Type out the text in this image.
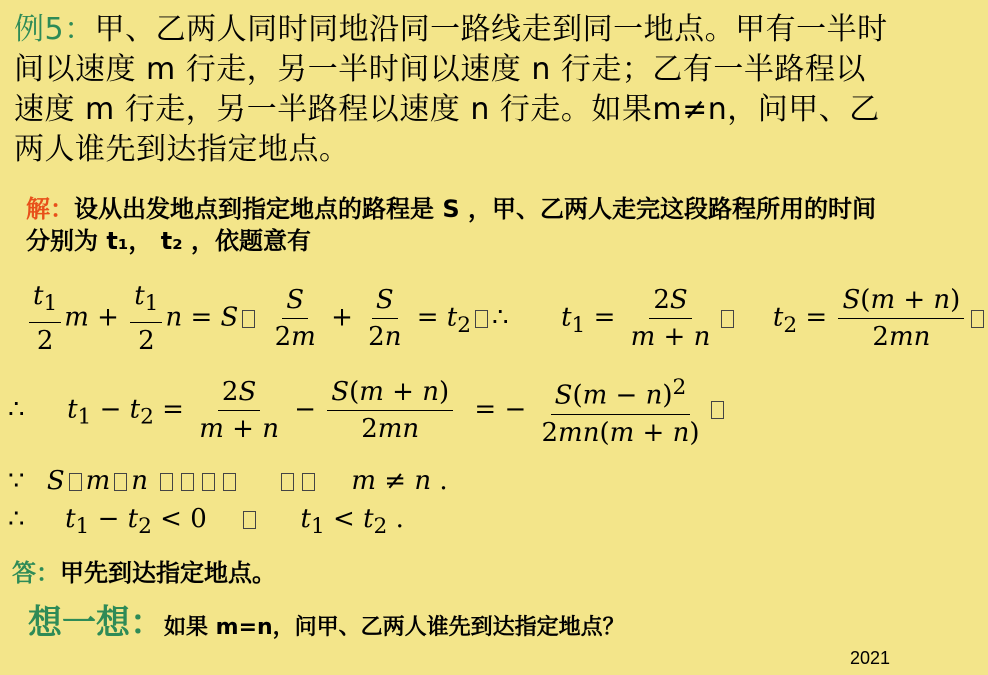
例5：甲、乙两人同时同地沿同一路线走到同一地点。甲有一半时间以速度 m 行走，另一半时间以速度 n 行走；乙有一半路程以速度 m 行走，另一半路程以速度 n 行走。如果m≠n，问甲、乙两人谁先到达指定地点。
解：设从出发地点到指定地点的路程是 S ，甲、乙两人走完这段路程所用的时间分别为 t₁， t₂ ，依题意有
$\frac{t_1}{2}$ $m + \frac{t_1}{2}$ n = S $\frac{S}{2m} + \frac{S}{2n} = t_2$ ∴  $t_1 = \frac{2S}{m + n} t_2 = \frac{S(m + n)}{2mn}$
∴  $t_1 - t_2 = \frac{2S}{m + n} - \frac{S(m + n)}{2mn}$ = − $\frac{S(m - n)^2}{2mn(m + n)}$
∵ S m n	m ≠ n .
∴  $t_1 - t_2 < 0$	$t_1 < t_2$ .
答：甲先到达指定地点。
想一想：如果 m=n，问甲、乙两人谁先到达指定地点？
2021
